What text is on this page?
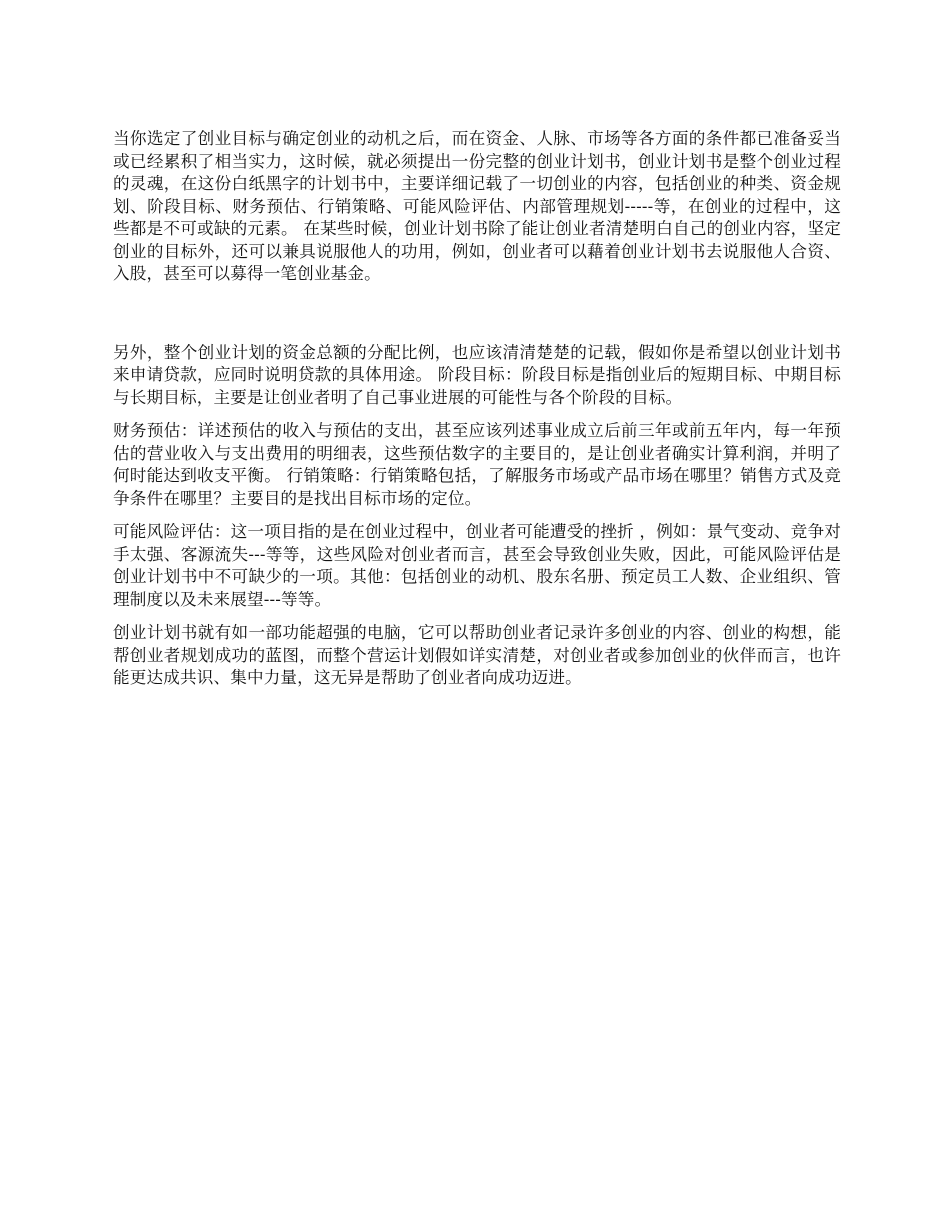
当你选定了创业目标与确定创业的动机之后，而在资金、人脉、市场等各方面的条件都已准备妥当或已经累积了相当实力，这时候，就必须提出一份完整的创业计划书，创业计划书是整个创业过程的灵魂，在这份白纸黑字的计划书中，主要详细记载了一切创业的内容，包括创业的种类、资金规划、阶段目标、财务预估、行销策略、可能风险评估、内部管理规划-----等，在创业的过程中，这些都是不可或缺的元素。 在某些时候，创业计划书除了能让创业者清楚明白自己的创业内容，坚定创业的目标外，还可以兼具说服他人的功用，例如，创业者可以藉着创业计划书去说服他人合资、入股，甚至可以募得一笔创业基金。

另外，整个创业计划的资金总额的分配比例，也应该清清楚楚的记载，假如你是希望以创业计划书来申请贷款，应同时说明贷款的具体用途。 阶段目标：阶段目标是指创业后的短期目标、中期目标与长期目标，主要是让创业者明了自己事业进展的可能性与各个阶段的目标。

财务预估：详述预估的收入与预估的支出，甚至应该列述事业成立后前三年或前五年内，每一年预估的营业收入与支出费用的明细表，这些预估数字的主要目的，是让创业者确实计算利润，并明了何时能达到收支平衡。 行销策略：行销策略包括，了解服务市场或产品市场在哪里？销售方式及竞争条件在哪里？主要目的是找出目标市场的定位。

可能风险评估：这一项目指的是在创业过程中，创业者可能遭受的挫折 ，例如：景气变动、竞争对手太强、客源流失---等等，这些风险对创业者而言，甚至会导致创业失败，因此，可能风险评估是创业计划书中不可缺少的一项。其他：包括创业的动机、股东名册、预定员工人数、企业组织、管理制度以及未来展望---等等。

创业计划书就有如一部功能超强的电脑，它可以帮助创业者记录许多创业的内容、创业的构想，能帮创业者规划成功的蓝图，而整个营运计划假如详实清楚，对创业者或参加创业的伙伴而言，也许能更达成共识、集中力量，这无异是帮助了创业者向成功迈进。
